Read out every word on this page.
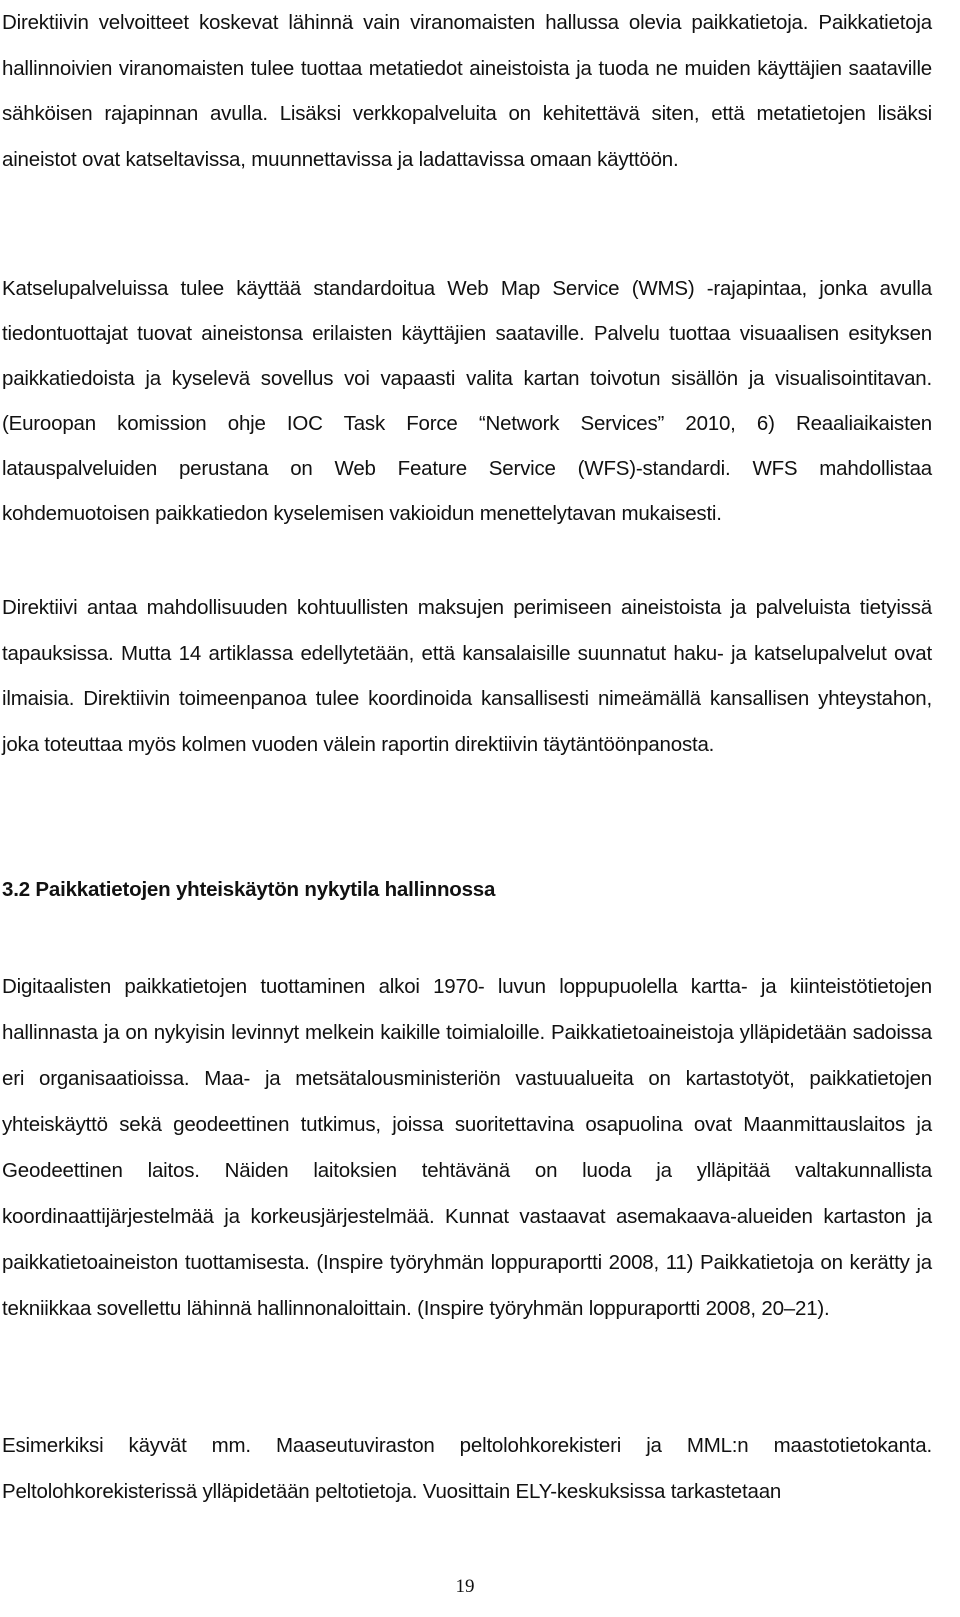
Direktiivin velvoitteet koskevat lähinnä vain viranomaisten hallussa olevia paikkatietoja. Paikkatietoja hallinnoivien viranomaisten tulee tuottaa metatiedot aineistoista ja tuoda ne muiden käyttäjien saataville sähköisen rajapinnan avulla. Lisäksi verkkopalveluita on kehitettävä siten, että metatietojen lisäksi aineistot ovat katseltavissa, muunnettavissa ja ladattavissa omaan käyttöön.

Katselupalveluissa tulee käyttää standardoitua Web Map Service (WMS) -rajapintaa, jonka avulla tiedontuottajat tuovat aineistonsa erilaisten käyttäjien saataville. Palvelu tuottaa visuaalisen esityksen paikkatiedoista ja kyselevä sovellus voi vapaasti valita kartan toivotun sisällön ja visualisointitavan. (Euroopan komission ohje IOC Task Force “Network Services” 2010, 6) Reaaliaikaisten latauspalveluiden perustana on Web Feature Service (WFS)-standardi. WFS mahdollistaa kohdemuotoisen paikkatiedon kyselemisen vakioidun menettelytavan mukaisesti.

Direktiivi antaa mahdollisuuden kohtuullisten maksujen perimiseen aineistoista ja palveluista tietyissä tapauksissa. Mutta 14 artiklassa edellytetään, että kansalaisille suunnatut haku- ja katselupalvelut ovat ilmaisia. Direktiivin toimeenpanoa tulee koordinoida kansallisesti nimeämällä kansallisen yhteystahon, joka toteuttaa myös kolmen vuoden välein raportin direktiivin täytäntöönpanosta.

3.2 Paikkatietojen yhteiskäytön nykytila hallinnossa

Digitaalisten paikkatietojen tuottaminen alkoi 1970- luvun loppupuolella kartta- ja kiinteistötietojen hallinnasta ja on nykyisin levinnyt melkein kaikille toimialoille. Paikkatietoaineistoja ylläpidetään sadoissa eri organisaatioissa. Maa- ja metsätalousministeriön vastuualueita on kartastotyöt, paikkatietojen yhteiskäyttö sekä geodeettinen tutkimus, joissa suoritettavina osapuolina ovat Maanmittauslaitos ja Geodeettinen laitos. Näiden laitoksien tehtävänä on luoda ja ylläpitää valtakunnallista koordinaattijärjestelmää ja korkeusjärjestelmää. Kunnat vastaavat asemakaava-alueiden kartaston ja paikkatietoaineiston tuottamisesta. (Inspire työryhmän loppuraportti 2008, 11) Paikkatietoja on kerätty ja tekniikkaa sovellettu lähinnä hallinnonaloittain. (Inspire työryhmän loppuraportti 2008, 20–21).

Esimerkiksi käyvät mm. Maaseutuviraston peltolohkorekisteri ja MML:n maastotietokanta. Peltolohkorekisterissä ylläpidetään peltotietoja. Vuosittain ELY-keskuksissa tarkastetaan

19
